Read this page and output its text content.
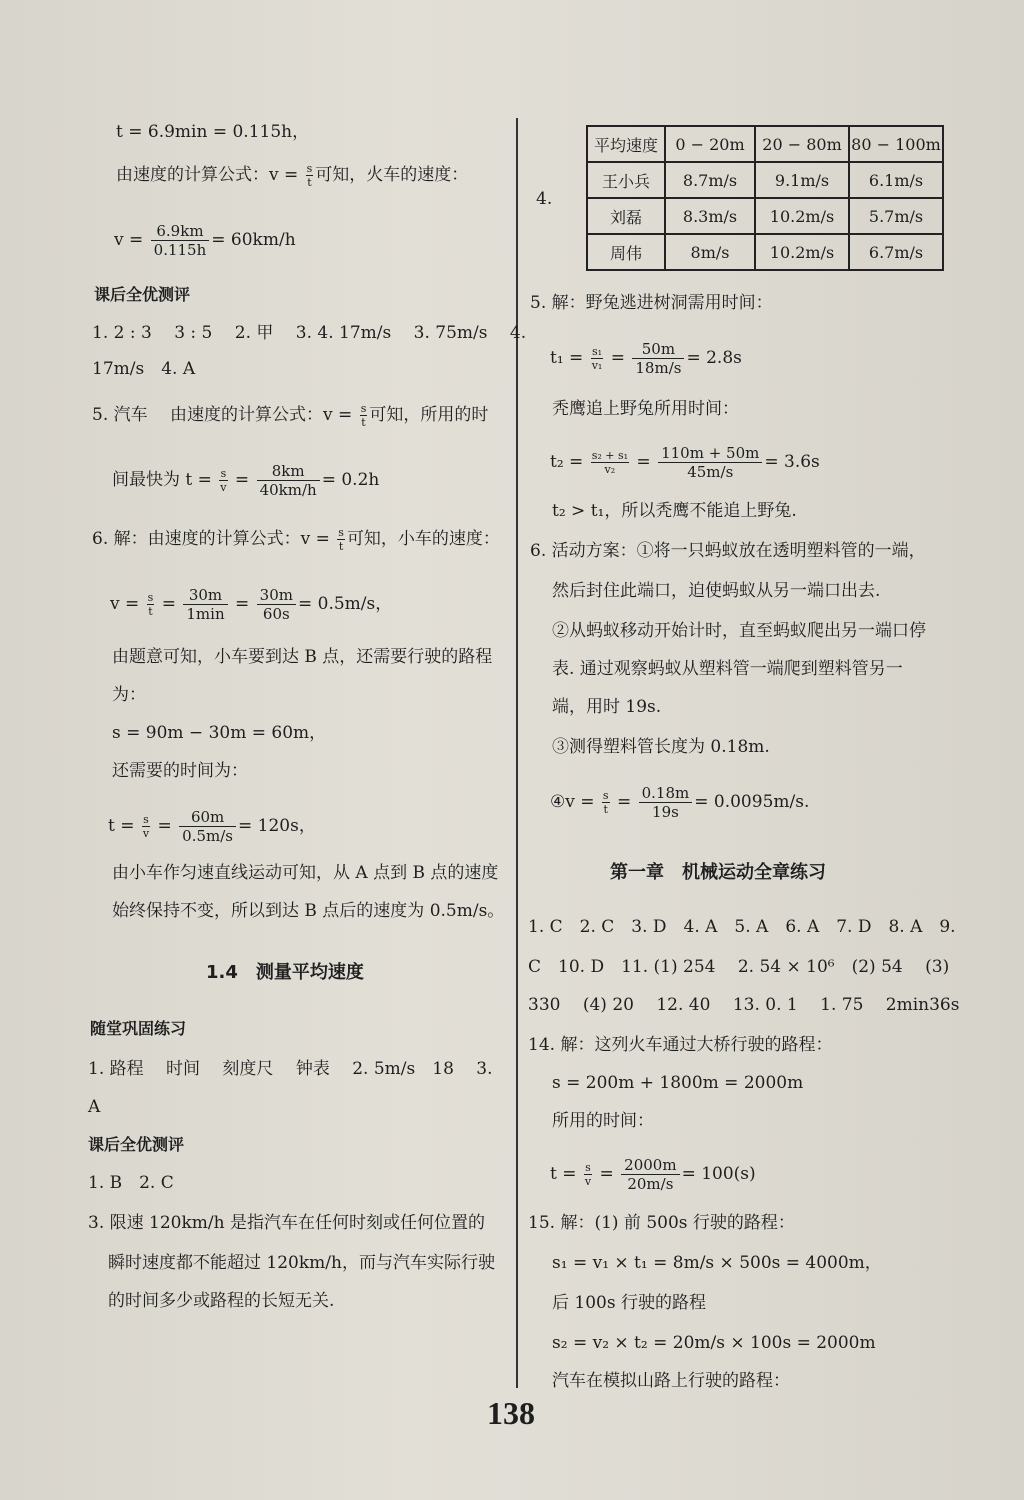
t = 6.9min = 0.115h，
由速度的计算公式：$v = \frac{s}{t}$ 可知，火车的速度：
$v = \frac{6.9km}{0.115h} = 60km/h$
课后全优测评
1. 2 : 3　 3 : 5　 2. 甲　 3. 4. 17m/s　 3. 75m/s　 4.
17m/s　4. A
5. 汽车　 由速度的计算公式：$v = \frac{s}{t}$ 可知，所用的时
间最快为 $t = \frac{s}{v} = \frac{8km}{40km/h} = 0.2h$
6. 解：由速度的计算公式：$v = \frac{s}{t}$ 可知，小车的速度：
$v = \frac{s}{t} = \frac{30m}{1\min} = \frac{30m}{60s} = 0.5m/s$，
由题意可知，小车要到达 B 点，还需要行驶的路程
为：
s = 90m − 30m = 60m，
还需要的时间为：
$t = \frac{s}{v} = \frac{60m}{0.5m/s} = 120s$，
由小车作匀速直线运动可知，从 A 点到 B 点的速度
始终保持不变，所以到达 B 点后的速度为 0.5m/s。
1.4　测量平均速度
随堂巩固练习
1. 路程　 时间　 刻度尺　 钟表　 2. 5m/s　18　 3.
A
课后全优测评
1. B　2. C
3. 限速 120km/h 是指汽车在任何时刻或任何位置的
瞬时速度都不能超过 120km/h，而与汽车实际行驶
的时间多少或路程的长短无关.
4.
平均速度	0 − 20m	20 − 80m	80 − 100m
王小兵	8.7m/s	9.1m/s	6.1m/s
刘磊	8.3m/s	10.2m/s	5.7m/s
周伟	8m/s	10.2m/s	6.7m/s
5. 解：野兔逃进树洞需用时间：
$t_1 = \frac{\text{s₁}}{\text{v₁}} = \frac{50m}{18m/s} = 2.8s$
秃鹰追上野兔所用时间：
$t_2 = \frac{\text{s₂ + s₁}}{\text{v₂}} = \frac{110m + 50m}{45m/s} = 3.6s$
t₂ > t₁，所以秃鹰不能追上野兔.
6. 活动方案：①将一只蚂蚁放在透明塑料管的一端，
然后封住此端口，迫使蚂蚁从另一端口出去.
②从蚂蚁移动开始计时，直至蚂蚁爬出另一端口停
表. 通过观察蚂蚁从塑料管一端爬到塑料管另一
端，用时 19s.
③测得塑料管长度为 0.18m.
④v = $\frac{s}{t} = \frac{0.18m}{19s} = 0.0095m/s$.
第一章　机械运动全章练习
1. C　2. C　3. D　4. A　5. A　6. A　7. D　8. A　9.
C　10. D　11. (1) 254　 2. 54 × 10⁶　(2) 54　 (3)
330　 (4) 20　 12. 40　 13. 0. 1　 1. 75　 2min36s
14. 解：这列火车通过大桥行驶的路程：
s = 200m + 1800m = 2000m
所用的时间：
$t = \frac{s}{v} = \frac{2000m}{20m/s} = 100(s)$
15. 解：(1) 前 500s 行驶的路程：
s₁ = v₁ × t₁ = 8m/s × 500s = 4000m，
后 100s 行驶的路程
s₂ = v₂ × t₂ = 20m/s × 100s = 2000m
汽车在模拟山路上行驶的路程：
138
